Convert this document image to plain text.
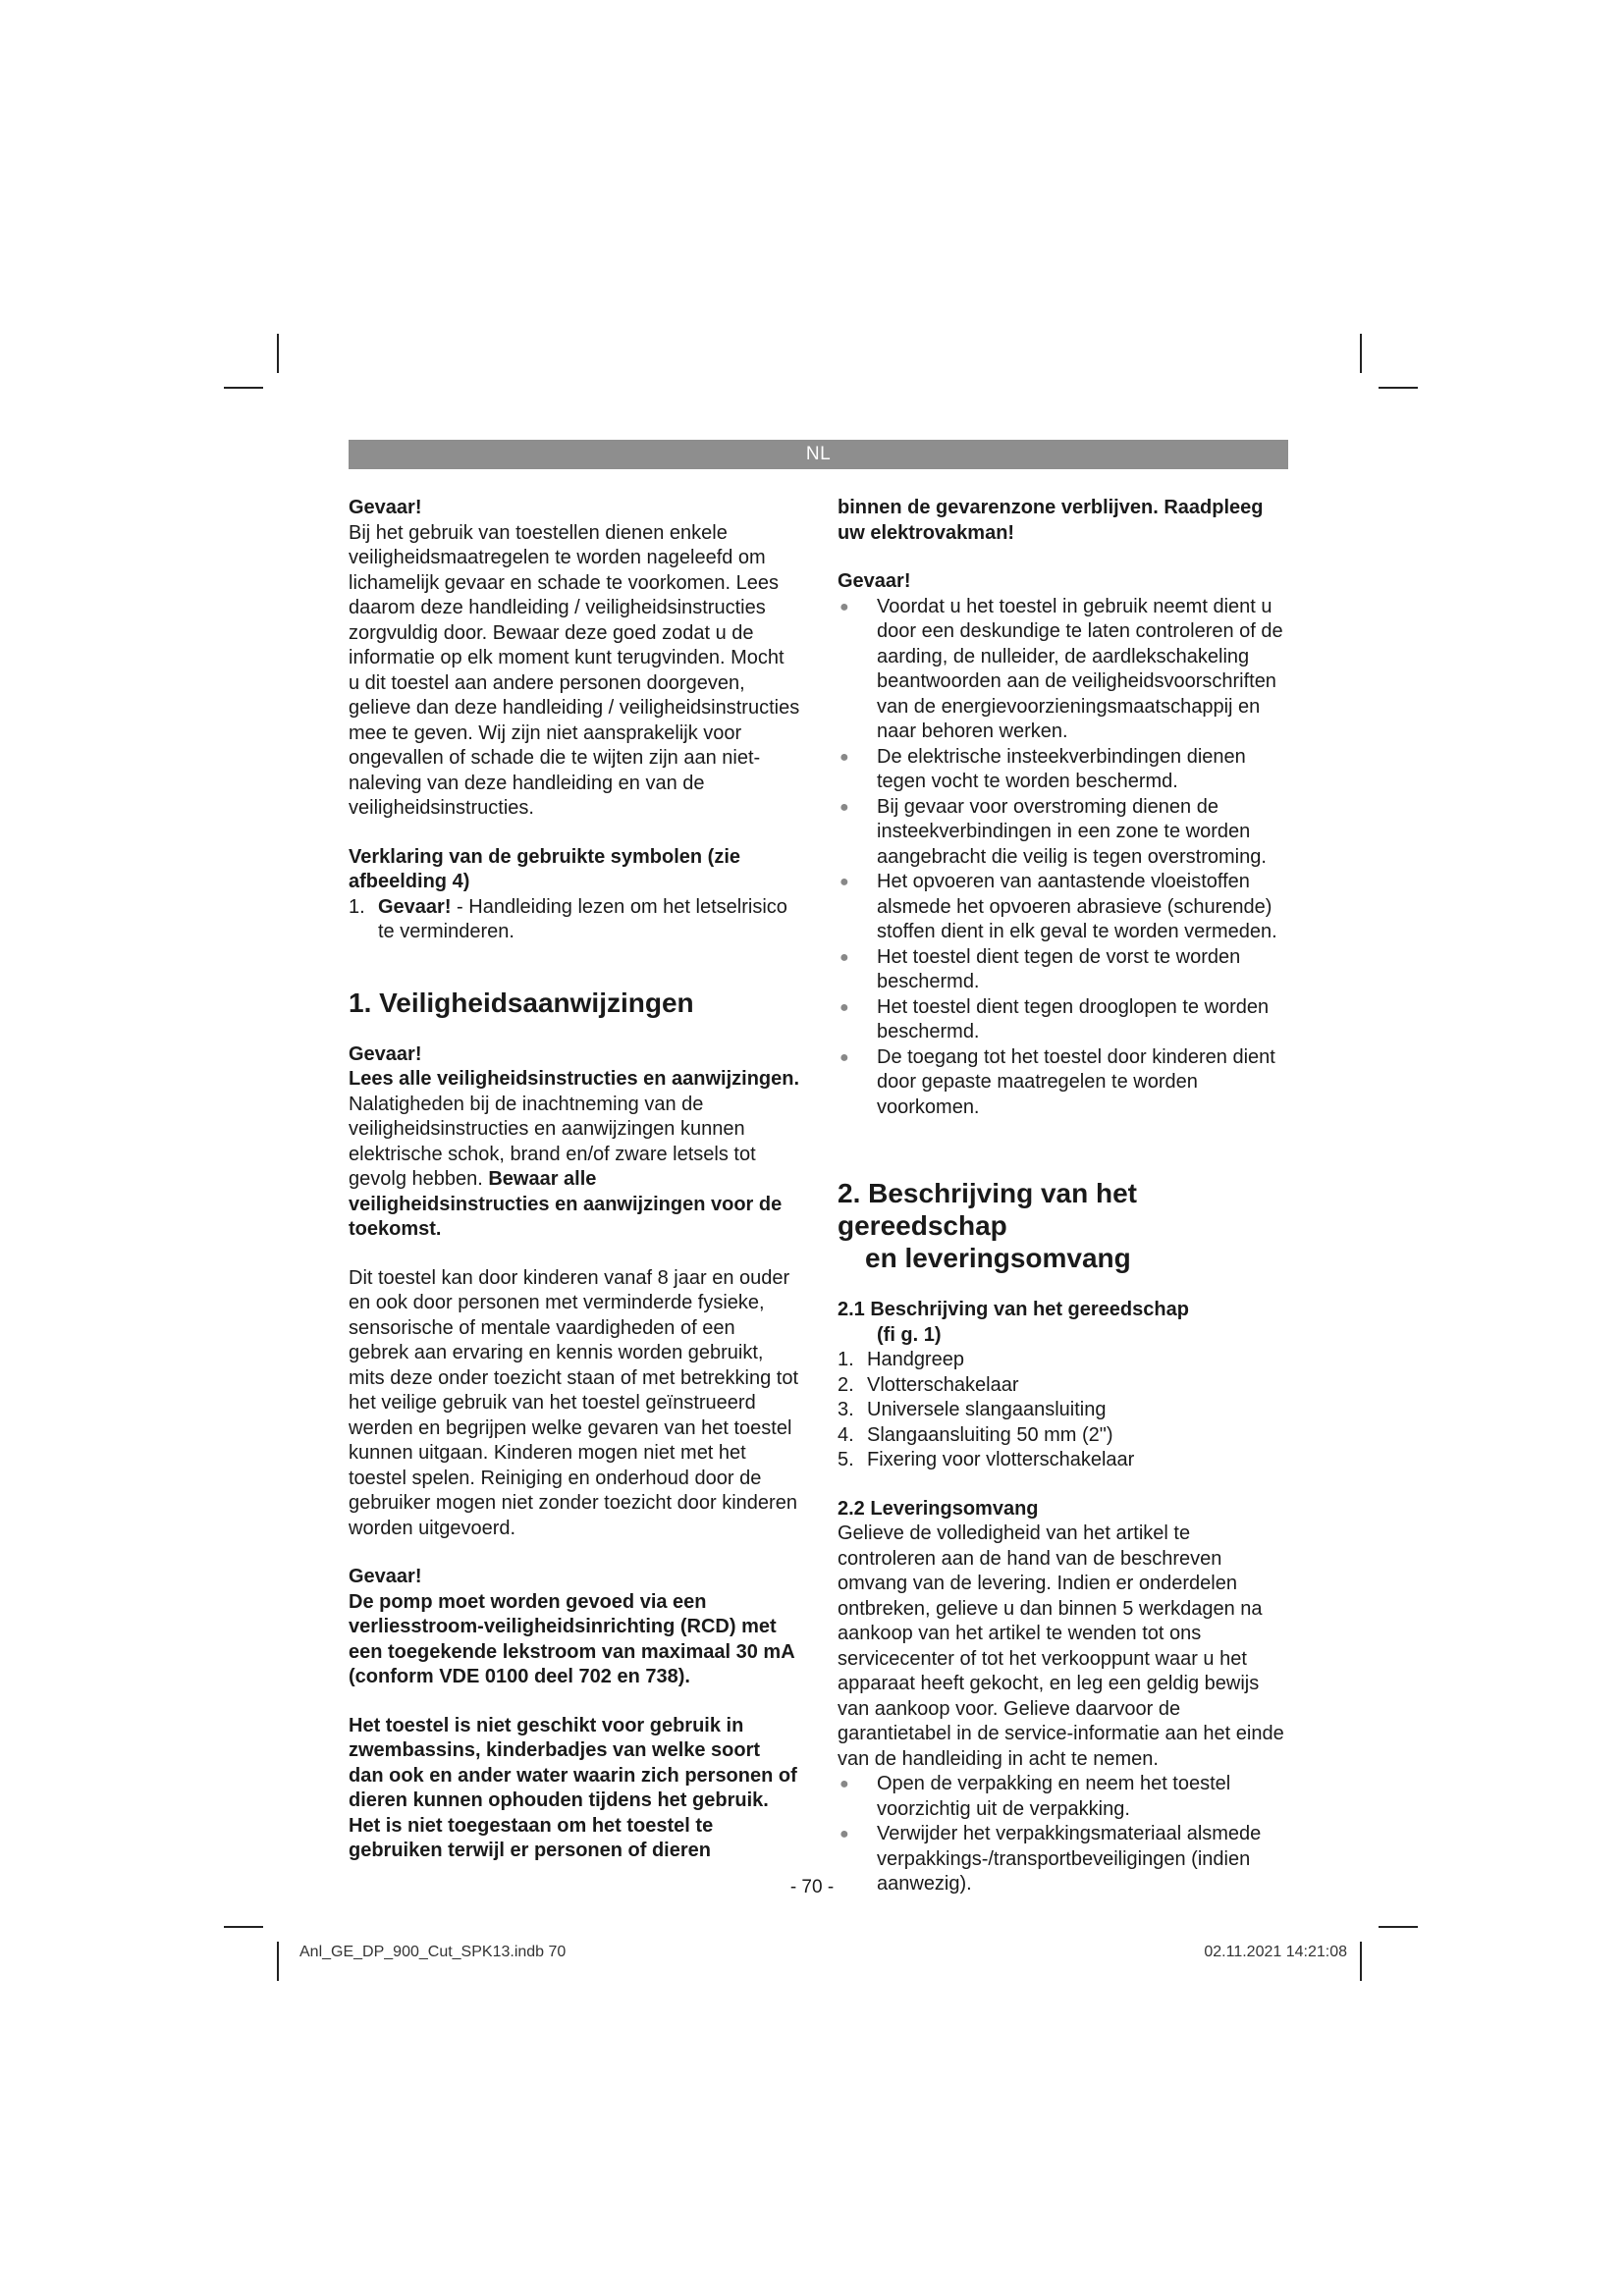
NL

Gevaar!

Bij het gebruik van toestellen dienen enkele veiligheidsmaatregelen te worden nageleefd om lichamelijk gevaar en schade te voorkomen. Lees daarom deze handleiding / veiligheidsinstructies zorgvuldig door. Bewaar deze goed zodat u de informatie op elk moment kunt terugvinden. Mocht u dit toestel aan andere personen doorgeven, gelieve dan deze handleiding / veiligheidsinstructies mee te geven. Wij zijn niet aansprakelijk voor ongevallen of schade die te wijten zijn aan niet-naleving van deze handleiding en van de veiligheidsinstructies.

Verklaring van de gebruikte symbolen (zie afbeelding 4)

1. Gevaar! - Handleiding lezen om het letselrisico te verminderen.

1. Veiligheidsaanwijzingen

Gevaar!

Lees alle veiligheidsinstructies en aanwijzingen. Nalatigheden bij de inachtneming van de veiligheidsinstructies en aanwijzingen kunnen elektrische schok, brand en/of zware letsels tot gevolg hebben. Bewaar alle veiligheidsinstructies en aanwijzingen voor de toekomst.

Dit toestel kan door kinderen vanaf 8 jaar en ouder en ook door personen met verminderde fysieke, sensorische of mentale vaardigheden of een gebrek aan ervaring en kennis worden gebruikt, mits deze onder toezicht staan of met betrekking tot het veilige gebruik van het toestel geïnstrueerd werden en begrijpen welke gevaren van het toestel kunnen uitgaan. Kinderen mogen niet met het toestel spelen. Reiniging en onderhoud door de gebruiker mogen niet zonder toezicht door kinderen worden uitgevoerd.

Gevaar!

De pomp moet worden gevoed via een verliesstroom-veiligheidsinrichting (RCD) met een toegekende lekstroom van maximaal 30 mA (conform VDE 0100 deel 702 en 738).

Het toestel is niet geschikt voor gebruik in zwembassins, kinderbadjes van welke soort dan ook en ander water waarin zich personen of dieren kunnen ophouden tijdens het gebruik. Het is niet toegestaan om het toestel te gebruiken terwijl er personen of dieren

binnen de gevarenzone verblijven. Raadpleeg uw elektrovakman!

Gevaar!

● Voordat u het toestel in gebruik neemt dient u door een deskundige te laten controleren of de aarding, de nulleider, de aardlekschakeling beantwoorden aan de veiligheidsvoorschriften van de energievoorzieningsmaatschappij en naar behoren werken.
● De elektrische insteekverbindingen dienen tegen vocht te worden beschermd.
● Bij gevaar voor overstroming dienen de insteekverbindingen in een zone te worden aangebracht die veilig is tegen overstroming.
● Het opvoeren van aantastende vloeistoffen alsmede het opvoeren abrasieve (schurende) stoffen dient in elk geval te worden vermeden.
● Het toestel dient tegen de vorst te worden beschermd.
● Het toestel dient tegen drooglopen te worden beschermd.
● De toegang tot het toestel door kinderen dient door gepaste maatregelen te worden voorkomen.

2. Beschrijving van het gereedschap
en leveringsomvang

2.1 Beschrijving van het gereedschap

(fi g. 1)

1. Handgreep
2. Vlotterschakelaar
3. Universele slangaansluiting
4. Slangaansluiting 50 mm (2")
5. Fixering voor vlotterschakelaar

2.2 Leveringsomvang

Gelieve de volledigheid van het artikel te controleren aan de hand van de beschreven omvang van de levering. Indien er onderdelen ontbreken, gelieve u dan binnen 5 werkdagen na aankoop van het artikel te wenden tot ons servicecenter of tot het verkooppunt waar u het apparaat heeft gekocht, en leg een geldig bewijs van aankoop voor. Gelieve daarvoor de garantietabel in de service-informatie aan het einde van de handleiding in acht te nemen.

● Open de verpakking en neem het toestel voorzichtig uit de verpakking.
● Verwijder het verpakkingsmateriaal alsmede verpakkings-/transportbeveiligingen (indien aanwezig).
- 70 -
Anl_GE_DP_900_Cut_SPK13.indb 70	02.11.2021 14:21:08
